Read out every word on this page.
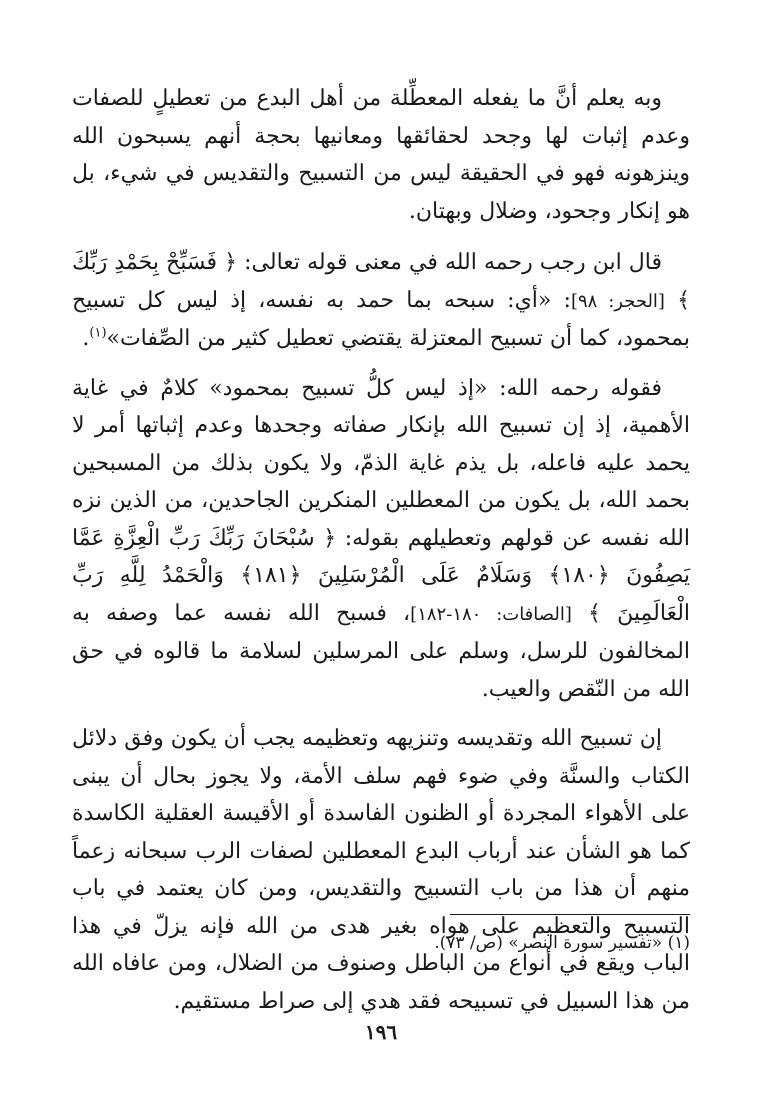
وبه يعلم أنَّ ما يفعله المعطِّلة من أهل البدع من تعطيلٍ للصفات وعدم إثبات لها وجحد لحقائقها ومعانيها بحجة أنهم يسبحون الله وينزهونه فهو في الحقيقة ليس من التسبيح والتقديس في شيء، بل هو إنكار وجحود، وضلال وبهتان.

قال ابن رجب رحمه الله في معنى قوله تعالى: ﴿ فَسَبِّحْ بِحَمْدِ رَبِّكَ ﴾ [الحجر: ٩٨]: «أي: سبحه بما حمد به نفسه، إذ ليس كل تسبيح بمحمود، كما أن تسبيح المعتزلة يقتضي تعطيل كثير من الصِّفات»$^{(١)}$.

فقوله رحمه الله: «إذ ليس كلُّ تسبيح بمحمود» كلامٌ في غاية الأهمية، إذ إن تسبيح الله بإنكار صفاته وجحدها وعدم إثباتها أمر لا يحمد عليه فاعله، بل يذم غاية الذمّ، ولا يكون بذلك من المسبحين بحمد الله، بل يكون من المعطلين المنكرين الجاحدين، من الذين نزه الله نفسه عن قولهم وتعطيلهم بقوله: ﴿ سُبْحَانَ رَبِّكَ رَبِّ الْعِزَّةِ عَمَّا يَصِفُونَ ﴿١٨٠﴾ وَسَلَامٌ عَلَى الْمُرْسَلِينَ ﴿١٨١﴾ وَالْحَمْدُ لِلَّهِ رَبِّ الْعَالَمِينَ ﴾ [الصافات: ١٨٠-١٨٢]، فسبح الله نفسه عما وصفه به المخالفون للرسل، وسلم على المرسلين لسلامة ما قالوه في حق الله من النّقص والعيب.

إن تسبيح الله وتقديسه وتنزيهه وتعظيمه يجب أن يكون وفق دلائل الكتاب والسنَّة وفي ضوء فهم سلف الأمة، ولا يجوز بحال أن يبنى على الأهواء المجردة أو الظنون الفاسدة أو الأقيسة العقلية الكاسدة كما هو الشأن عند أرباب البدع المعطلين لصفات الرب سبحانه زعماً منهم أن هذا من باب التسبيح والتقديس، ومن كان يعتمد في باب التسبيح والتعظيم على هواه بغير هدى من الله فإنه يزلّ في هذا الباب ويقع في أنواع من الباطل وصنوف من الضلال، ومن عافاه الله من هذا السبيل في تسبيحه فقد هدي إلى صراط مستقيم.

(١) «تفسير سورة النصر» (ص/ ٧٣).

١٩٦
